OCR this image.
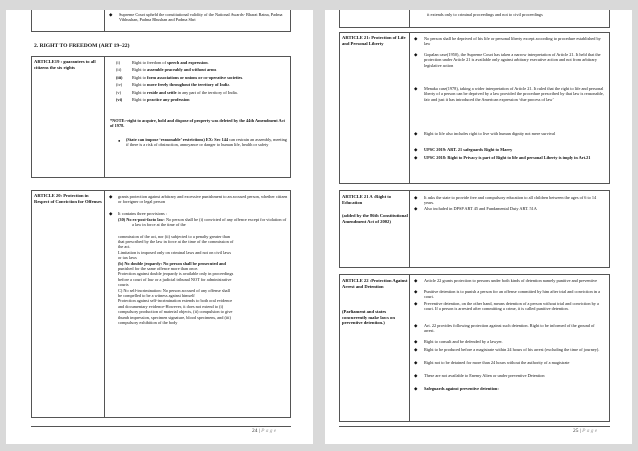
◆ Supreme Court upheld the constitutional validity of the National Awards- Bharat Ratna, Padma Vibhushan, Padma Bhushan and Padma Shri
2. RIGHT TO FREEDOM (ART 19–22)
ARTICLE19 : guarantees to all citizens the six rights
(i)	Right to freedom of speech and expression.
(ii)	Right to assemble peaceably and without arms
(iii) Right to form associations or unions or co-operative societies.
(iv) Right to move freely throughout the territory of India.
(v)	Right to reside and settle in any part of the territory of India.
(vi) Right to practice any profession
*NOTE:-right to acquire, hold and dispose of property was deleted by the 44th Amendment Act of 1978.
● (State can impose ‘reasonable’ restrictions) EX: Sec 144 can restrain an assembly, meeting if there is a risk of obstruction, annoyance or danger to human life, health or safety
ARTICLE 20: Protection in Respect of Conviction for Offenses
◆ grants protection against arbitrary and excessive punishment to an accused person, whether citizen or foreigner or legal person
◆ It contains three provisions :
(30) No ex-post-facto law: No person shall be (i) convicted of any offence except for violation of a law in force at the time of the
commission of the act, nor (ii) subjected to a penalty greater than
that prescribed by the law in force at the time of the commission of
the act.
Limitation is imposed only on criminal laws and not on civil laws
or tax laws
(b) No double jeopardy: No person shall be prosecuted and
punished for the same offence more than once.
Protection against double jeopardy is available only in proceedings
before a court of law or a judicial tribunal NOT for administrative
courts
C) No self-incrimination: No person accused of any offense shall
be compelled to be a witness against himself
Protection against self-incrimination extends to both oral evidence
and documentary evidence-However, it does not extend to (i)
compulsory production of material objects, (ii) compulsion to give
thumb impression, specimen signature, blood specimens, and (iii)
compulsory exhibition of the body
24 | P a g e
it extends only to criminal proceedings and not to civil proceedings
ARTICLE 21: Protection of Life and Personal Liberty
◆ No person shall be deprived of his life or personal liberty except according to procedure established by law
◆ Gopalan case(1950), the Supreme Court has taken a narrow interpretation of Article 21. It held that the protection under Article 21 is available only against arbitrary executive action and not from arbitrary legislative action
◆ Menaka case(1978), taking a wider interpretation of Article 21. It ruled that the right to life and personal liberty of a person can be deprived by a law provided the procedure prescribed by that law is reasonable, fair and just it has introduced the American expression ‘due process of law’
◆ Right to life also includes right to live with human dignity not mere survival
◆ UPSC 2019: ART. 21 safeguards Right to Marry
◆ UPSC 2018: Right to Privacy is part of Right to life and personal Liberty is imply in Art.21
ARTICLE 21 A :Right to Education
(added by the 86th Constitutional Amendment Act of 2002)
◆ It asks the state to provide free and compulsory education to all children between the ages of 6 to 14 years.
◆ Also included in DPSP ART 45 and Fundamental Duty ART. 51A
ARTICLE 22 :Protection Against Arrest and Detention
(Parliament and states concurrently make laws on preventive detention.)
◆ Article 22 grants protection to persons under both kinds of detention namely punitive and preventive
◆ Punitive detention is to punish a person for an offense committed by him after trial and conviction in a court.
◆ Preventive detention, on the other hand, means detention of a person without trial and conviction by a court. If a person is arrested after committing a crime, it is called punitive detention.
◆ Art. 22 provides following protection against such detention. Right to be informed of the ground of arrest.
◆ Right to consult and be defended by a lawyer.
◆ Right to be produced before a magistrate within 24 hours of his arrest (excluding the time of journey).
◆ Right not to be detained for more than 24 hours without the authority of a magistrate
◆ These are not available to Enemy Alien or under preventive Detention
◆ Safeguards against preventive detention:
25 | P a g e
